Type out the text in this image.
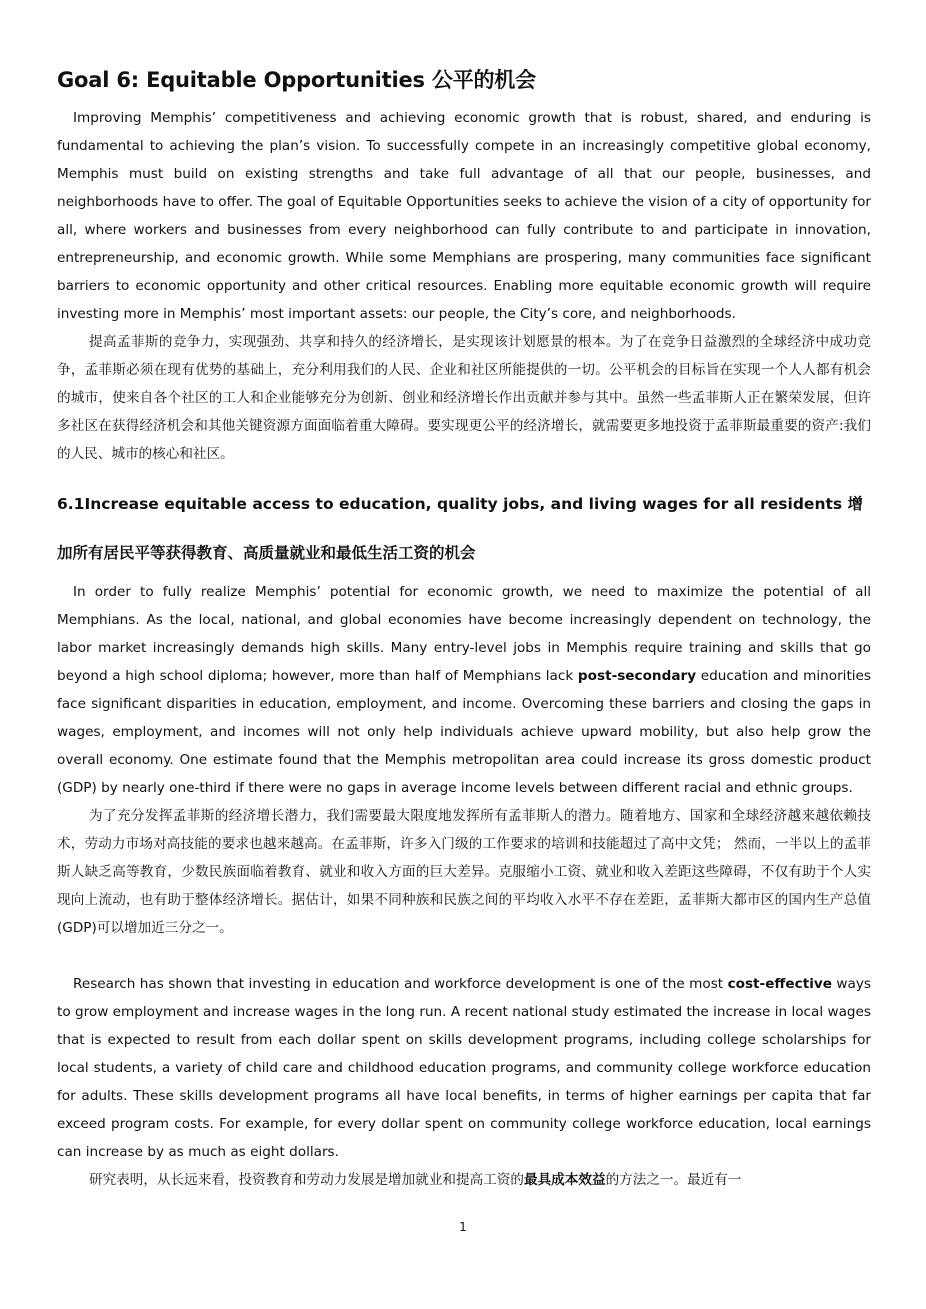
Goal 6: Equitable Opportunities 公平的机会

Improving Memphis’ competitiveness and achieving economic growth that is robust, shared, and enduring is fundamental to achieving the plan’s vision. To successfully compete in an increasingly competitive global economy, Memphis must build on existing strengths and take full advantage of all that our people, businesses, and neighborhoods have to offer. The goal of Equitable Opportunities seeks to achieve the vision of a city of opportunity for all, where workers and businesses from every neighborhood can fully contribute to and participate in innovation, entrepreneurship, and economic growth. While some Memphians are prospering, many communities face significant barriers to economic opportunity and other critical resources. Enabling more equitable economic growth will require investing more in Memphis’ most important assets: our people, the City’s core, and neighborhoods.

提高孟菲斯的竞争力，实现强劲、共享和持久的经济增长，是实现该计划愿景的根本。为了在竞争日益激烈的全球经济中成功竞争，孟菲斯必须在现有优势的基础上，充分利用我们的人民、企业和社区所能提供的一切。公平机会的目标旨在实现一个人人都有机会的城市，使来自各个社区的工人和企业能够充分为创新、创业和经济增长作出贡献并参与其中。虽然一些孟菲斯人正在繁荣发展，但许多社区在获得经济机会和其他关键资源方面面临着重大障碍。要实现更公平的经济增长，就需要更多地投资于孟菲斯最重要的资产:我们的人民、城市的核心和社区。

6.1Increase equitable access to education, quality jobs, and living wages for all residents 增加所有居民平等获得教育、高质量就业和最低生活工资的机会

In order to fully realize Memphis’ potential for economic growth, we need to maximize the potential of all Memphians. As the local, national, and global economies have become increasingly dependent on technology, the labor market increasingly demands high skills. Many entry-level jobs in Memphis require training and skills that go beyond a high school diploma; however, more than half of Memphians lack post-secondary education and minorities face significant disparities in education, employment, and income. Overcoming these barriers and closing the gaps in wages, employment, and incomes will not only help individuals achieve upward mobility, but also help grow the overall economy. One estimate found that the Memphis metropolitan area could increase its gross domestic product (GDP) by nearly one-third if there were no gaps in average income levels between different racial and ethnic groups.

为了充分发挥孟菲斯的经济增长潜力，我们需要最大限度地发挥所有孟菲斯人的潜力。随着地方、国家和全球经济越来越依赖技术，劳动力市场对高技能的要求也越来越高。在孟菲斯，许多入门级的工作要求的培训和技能超过了高中文凭； 然而，一半以上的孟菲斯人缺乏高等教育，少数民族面临着教育、就业和收入方面的巨大差异。克服缩小工资、就业和收入差距这些障碍，不仅有助于个人实现向上流动，也有助于整体经济增长。据估计，如果不同种族和民族之间的平均收入水平不存在差距，孟菲斯大都市区的国内生产总值(GDP)可以增加近三分之一。

Research has shown that investing in education and workforce development is one of the most cost-effective ways to grow employment and increase wages in the long run. A recent national study estimated the increase in local wages that is expected to result from each dollar spent on skills development programs, including college scholarships for local students, a variety of child care and childhood education programs, and community college workforce education for adults. These skills development programs all have local benefits, in terms of higher earnings per capita that far exceed program costs. For example, for every dollar spent on community college workforce education, local earnings can increase by as much as eight dollars.

研究表明，从长远来看，投资教育和劳动力发展是增加就业和提高工资的最具成本效益的方法之一。最近有一

1
